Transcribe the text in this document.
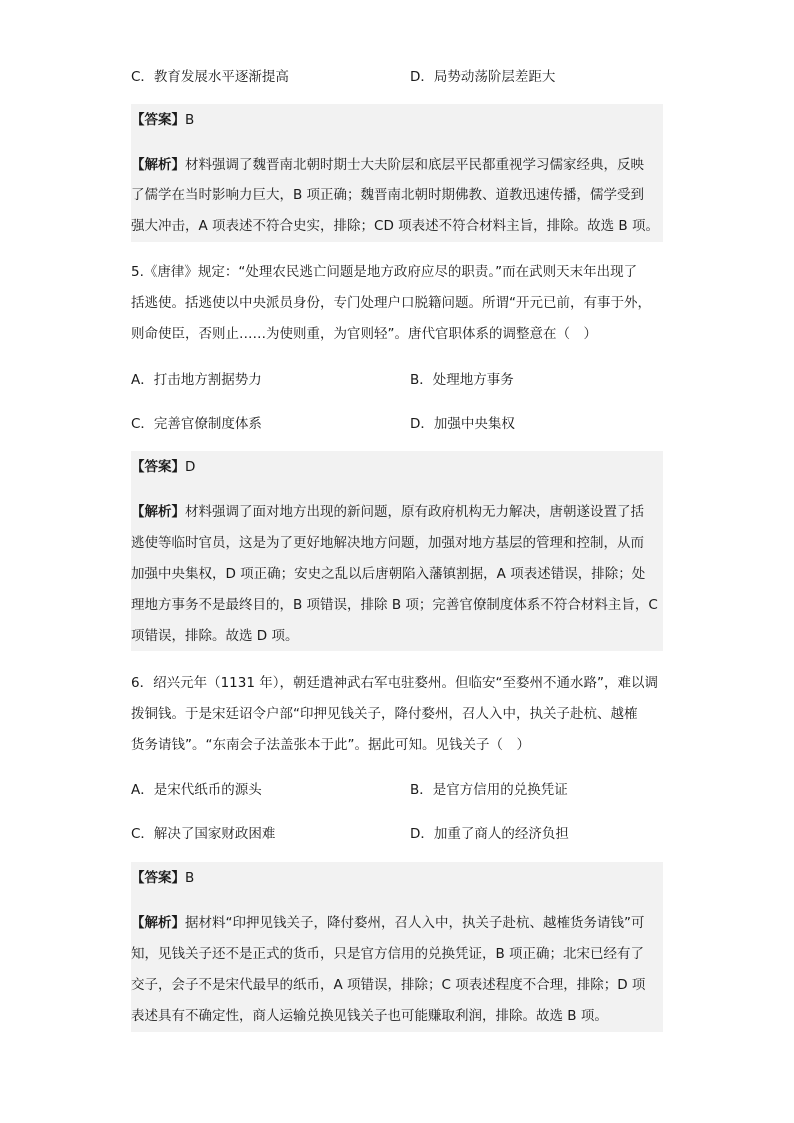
C．教育发展水平逐渐提高	D．局势动荡阶层差距大
【答案】B
【解析】材料强调了魏晋南北朝时期士大夫阶层和底层平民都重视学习儒家经典，反映
了儒学在当时影响力巨大，B 项正确；魏晋南北朝时期佛教、道教迅速传播，儒学受到
强大冲击，A 项表述不符合史实，排除；CD 项表述不符合材料主旨，排除。故选 B 项。
5.《唐律》规定：“处理农民逃亡问题是地方政府应尽的职责。”而在武则天末年出现了
括逃使。括逃使以中央派员身份，专门处理户口脱籍问题。所谓“开元已前，有事于外，
则命使臣，否则止……为使则重，为官则轻”。唐代官职体系的调整意在（　）
A．打击地方割据势力	B．处理地方事务
C．完善官僚制度体系	D．加强中央集权
【答案】D
【解析】材料强调了面对地方出现的新问题，原有政府机构无力解决，唐朝遂设置了括
逃使等临时官员，这是为了更好地解决地方问题，加强对地方基层的管理和控制，从而
加强中央集权，D 项正确；安史之乱以后唐朝陷入藩镇割据，A 项表述错误，排除；处
理地方事务不是最终目的，B 项错误，排除 B 项；完善官僚制度体系不符合材料主旨，C
项错误，排除。故选 D 项。
6．绍兴元年（1131 年），朝廷遣神武右军屯驻婺州。但临安“至婺州不通水路”，难以调
拨铜钱。于是宋廷诏令户部“印押见钱关子，降付婺州，召人入中，执关子赴杭、越榷
货务请钱”。“东南会子法盖张本于此”。据此可知。见钱关子（　）
A．是宋代纸币的源头	B．是官方信用的兑换凭证
C．解决了国家财政困难	D．加重了商人的经济负担
【答案】B
【解析】据材料“印押见钱关子，降付婺州，召人入中，执关子赴杭、越榷货务请钱”可
知，见钱关子还不是正式的货币，只是官方信用的兑换凭证，B 项正确；北宋已经有了
交子，会子不是宋代最早的纸币，A 项错误，排除；C 项表述程度不合理，排除；D 项
表述具有不确定性，商人运输兑换见钱关子也可能赚取利润，排除。故选 B 项。
